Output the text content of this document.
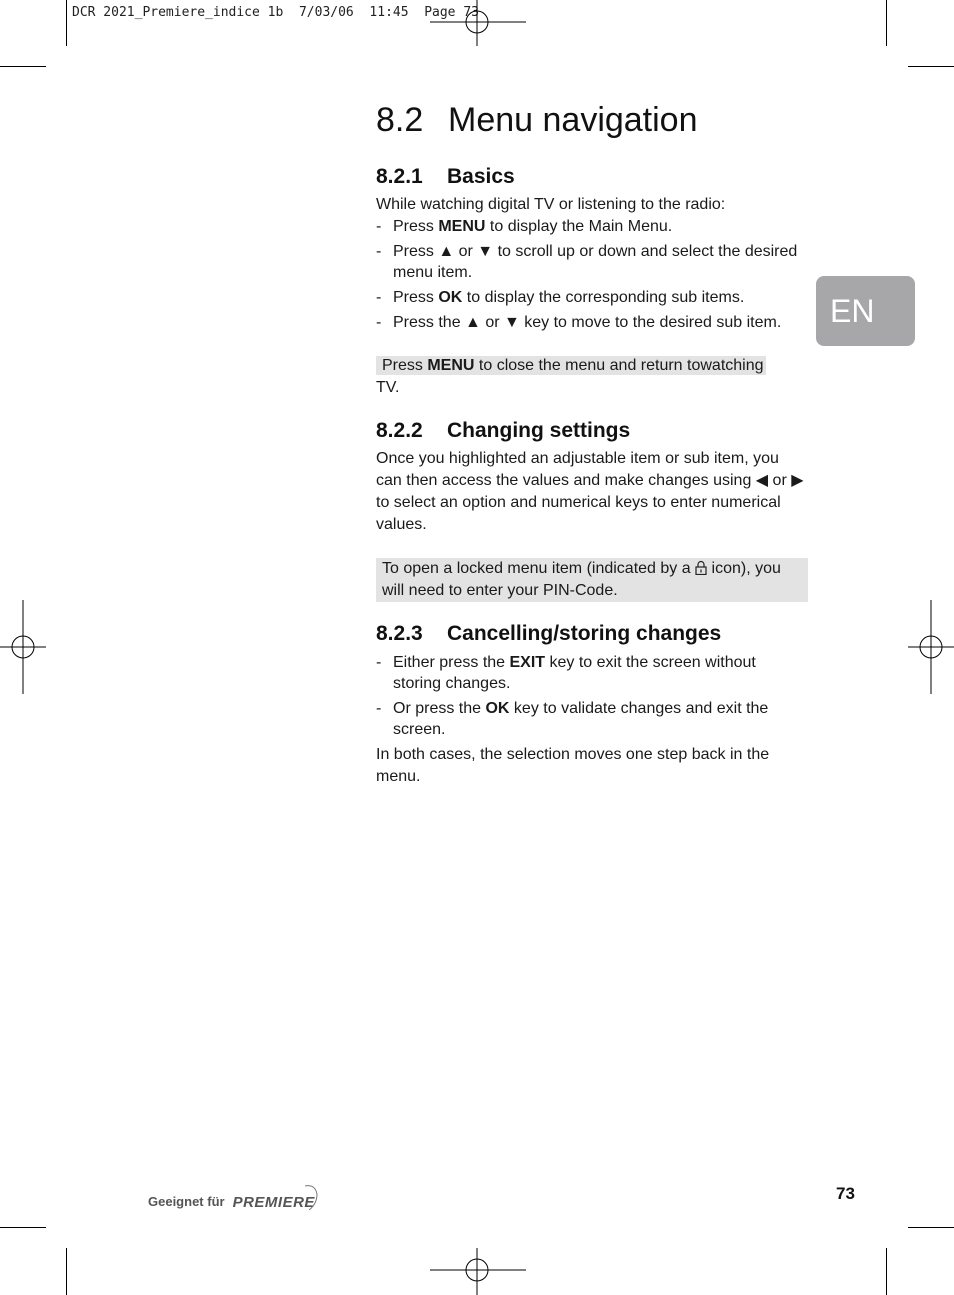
DCR 2021_Premiere_indice 1b  7/03/06  11:45  Page 73
8.2 Menu navigation
8.2.1 Basics

While watching digital TV or listening to the radio:

- Press MENU to display the Main Menu.
- Press ▲ or ▼ to scroll up or down and select the desired menu item.
- Press OK to display the corresponding sub items.
- Press the ▲ or ▼ key to move to the desired sub item.
Press MENU to close the menu and return towatching
TV.
8.2.2 Changing settings

Once you highlighted an adjustable item or sub item, you can then access the values and make changes using ◀ or ▶ to select an option and numerical keys to enter numerical values.

To open a locked menu item (indicated by a  icon), you will need to enter your PIN-Code.
8.2.3 Cancelling/storing changes
- Either press the EXIT key to exit the screen without storing changes.
- Or press the OK key to validate changes and exit the screen.

In both cases, the selection moves one step back in the menu.

EN
Geeignet für PREMIERE	73
